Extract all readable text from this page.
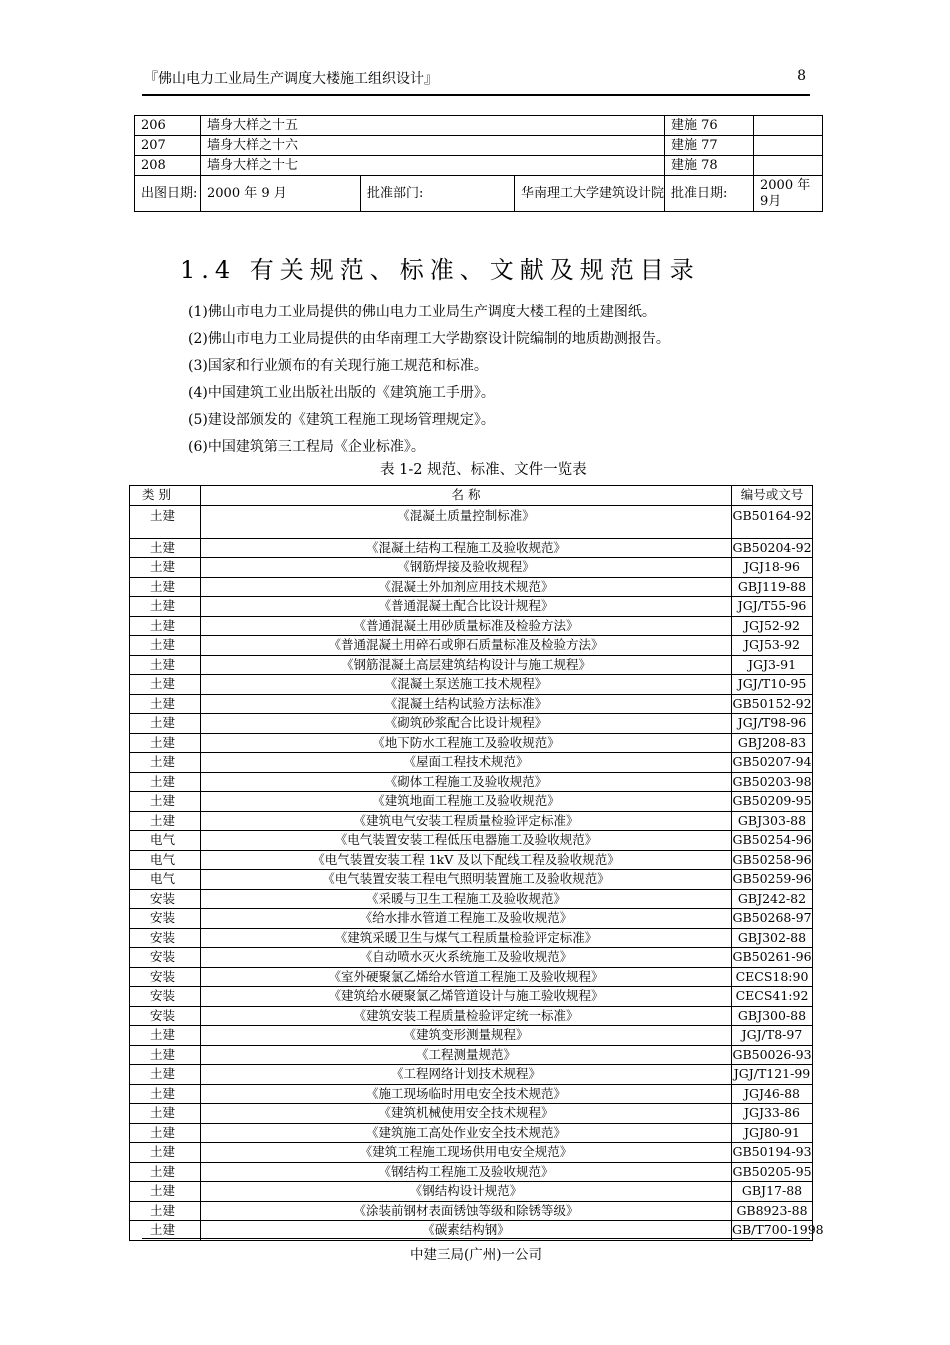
『佛山电力工业局生产调度大楼施工组织设计』	8
206	墙身大样之十五			建施 76	
207	墙身大样之十六			建施 77	
208	墙身大样之十七			建施 78	
出图日期:	2000 年 9 月	批准部门:	华南理工大学建筑设计院	批准日期:	2000 年 9月
1.4 有关规范、标准、文献及规范目录
(1)佛山市电力工业局提供的佛山电力工业局生产调度大楼工程的土建图纸。
(2)佛山市电力工业局提供的由华南理工大学勘察设计院编制的地质勘测报告。
(3)国家和行业颁布的有关现行施工规范和标准。
(4)中国建筑工业出版社出版的《建筑施工手册》。
(5)建设部颁发的《建筑工程施工现场管理规定》。
(6)中国建筑第三工程局《企业标准》。
表 1-2 规范、标准、文件一览表
类 别	名 称	编号或文号
土建	《混凝土质量控制标准》	GB50164-92
土建	《混凝土结构工程施工及验收规范》	GB50204-92
土建	《钢筋焊接及验收规程》	JGJ18-96
土建	《混凝土外加剂应用技术规范》	GBJ119-88
土建	《普通混凝土配合比设计规程》	JGJ/T55-96
土建	《普通混凝土用砂质量标准及检验方法》	JGJ52-92
土建	《普通混凝土用碎石或卵石质量标准及检验方法》	JGJ53-92
土建	《钢筋混凝土高层建筑结构设计与施工规程》	JGJ3-91
土建	《混凝土泵送施工技术规程》	JGJ/T10-95
土建	《混凝土结构试验方法标准》	GB50152-92
土建	《砌筑砂浆配合比设计规程》	JGJ/T98-96
土建	《地下防水工程施工及验收规范》	GBJ208-83
土建	《屋面工程技术规范》	GB50207-94
土建	《砌体工程施工及验收规范》	GB50203-98
土建	《建筑地面工程施工及验收规范》	GB50209-95
土建	《建筑电气安装工程质量检验评定标准》	GBJ303-88
电气	《电气装置安装工程低压电器施工及验收规范》	GB50254-96
电气	《电气装置安装工程 1kV 及以下配线工程及验收规范》	GB50258-96
电气	《电气装置安装工程电气照明装置施工及验收规范》	GB50259-96
安装	《采暖与卫生工程施工及验收规范》	GBJ242-82
安装	《给水排水管道工程施工及验收规范》	GB50268-97
安装	《建筑采暖卫生与煤气工程质量检验评定标准》	GBJ302-88
安装	《自动喷水灭火系统施工及验收规范》	GB50261-96
安装	《室外硬聚氯乙烯给水管道工程施工及验收规程》	CECS18:90
安装	《建筑给水硬聚氯乙烯管道设计与施工验收规程》	CECS41:92
安装	《建筑安装工程质量检验评定统一标准》	GBJ300-88
土建	《建筑变形测量规程》	JGJ/T8-97
土建	《工程测量规范》	GB50026-93
土建	《工程网络计划技术规程》	JGJ/T121-99
土建	《施工现场临时用电安全技术规范》	JGJ46-88
土建	《建筑机械使用安全技术规程》	JGJ33-86
土建	《建筑施工高处作业安全技术规范》	JGJ80-91
土建	《建筑工程施工现场供用电安全规范》	GB50194-93
土建	《钢结构工程施工及验收规范》	GB50205-95
土建	《钢结构设计规范》	GBJ17-88
土建	《涂装前钢材表面锈蚀等级和除锈等级》	GB8923-88
土建	《碳素结构钢》	GB/T700-1998
中建三局(广州)一公司
